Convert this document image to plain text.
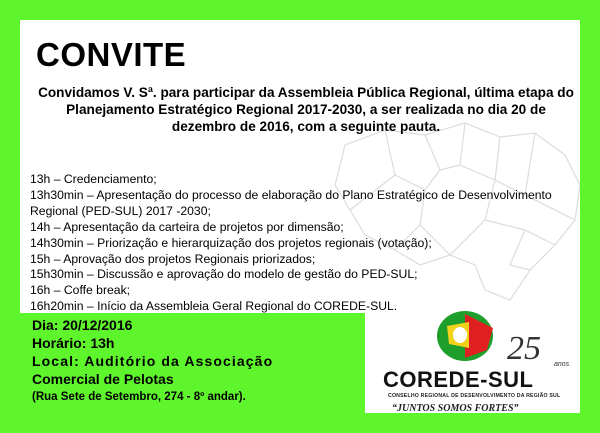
CONVITE

Convidamos V. Sª. para participar da Assembleia Pública Regional, última etapa do Planejamento Estratégico Regional 2017-2030, a ser realizada no dia 20 de dezembro de 2016, com a seguinte pauta.

13h – Credenciamento;
13h30min – Apresentação do processo de elaboração do Plano Estratégico de Desenvolvimento Regional (PED-SUL) 2017 -2030;
14h – Apresentação da carteira de projetos por dimensão;
14h30min – Priorização e hierarquização dos projetos regionais (votação);
15h – Aprovação dos projetos Regionais priorizados;
15h30min – Discussão e aprovação do modelo de gestão do PED-SUL;
16h – Coffe break;
16h20min – Início da Assembleia Geral Regional do COREDE-SUL.

Dia: 20/12/2016

Horário: 13h

Local: Auditório da Associação

Comercial de Pelotas

(Rua Sete de Setembro, 274 - 8º andar).

25 anos
COREDE-SUL
CONSELHO REGIONAL DE DESENVOLVIMENTO DA REGIÃO SUL
“JUNTOS SOMOS FORTES”
